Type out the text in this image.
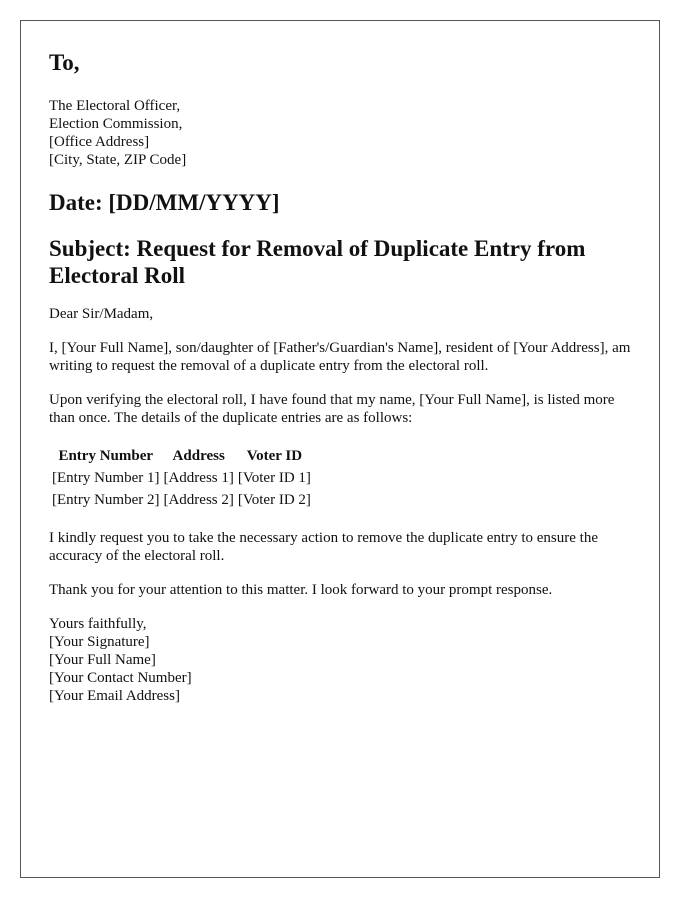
To,
The Electoral Officer,
Election Commission,
[Office Address]
[City, State, ZIP Code]
Date: [DD/MM/YYYY]
Subject: Request for Removal of Duplicate Entry from Electoral Roll

Dear Sir/Madam,

I, [Your Full Name], son/daughter of [Father's/Guardian's Name], resident of [Your Address], am writing to request the removal of a duplicate entry from the electoral roll.

Upon verifying the electoral roll, I have found that my name, [Your Full Name], is listed more than once. The details of the duplicate entries are as follows:

Entry Number	Address	Voter ID
[Entry Number 1]	[Address 1]	[Voter ID 1]
[Entry Number 2]	[Address 2]	[Voter ID 2]

I kindly request you to take the necessary action to remove the duplicate entry to ensure the accuracy of the electoral roll.

Thank you for your attention to this matter. I look forward to your prompt response.

Yours faithfully,
[Your Signature]
[Your Full Name]
[Your Contact Number]
[Your Email Address]
